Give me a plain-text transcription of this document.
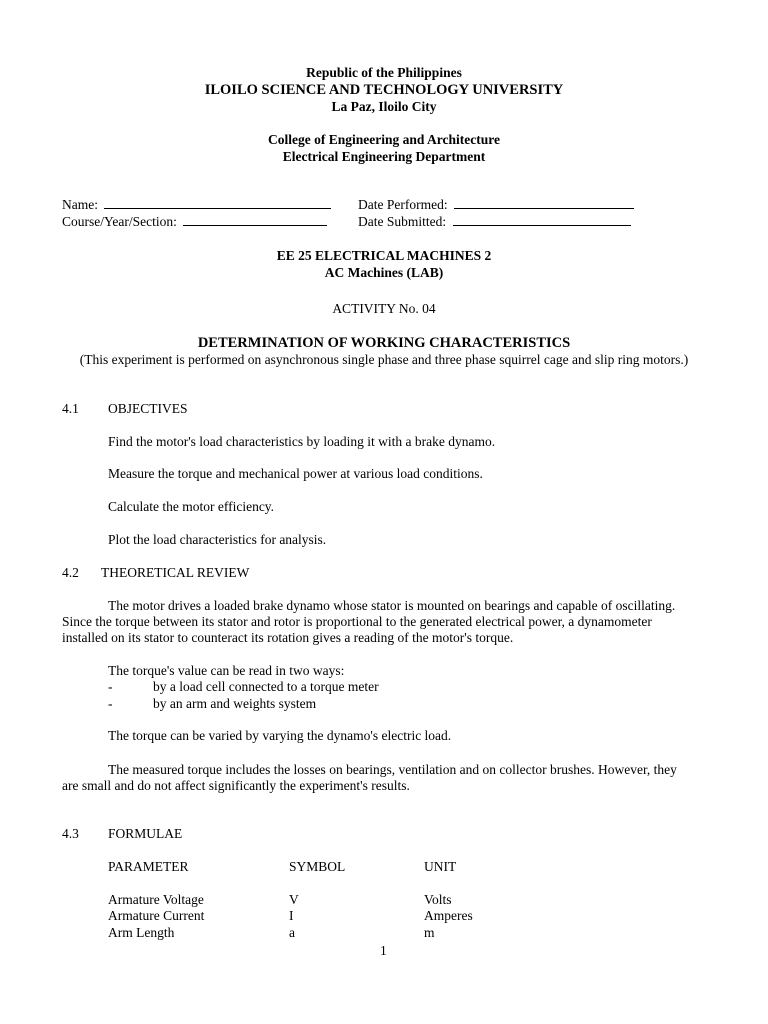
Republic of the Philippines
ILOILO SCIENCE AND TECHNOLOGY UNIVERSITY
La Paz, Iloilo City
College of Engineering and Architecture
Electrical Engineering Department
Name:
Course/Year/Section:
Date Performed:
Date Submitted:
EE 25 ELECTRICAL MACHINES 2
AC Machines (LAB)
ACTIVITY No. 04
DETERMINATION OF WORKING CHARACTERISTICS
(This experiment is performed on asynchronous single phase and three phase squirrel cage and slip ring motors.)
4.1 OBJECTIVES
Find the motor's load characteristics by loading it with a brake dynamo.
Measure the torque and mechanical power at various load conditions.
Calculate the motor efficiency.
Plot the load characteristics for analysis.
4.2 THEORETICAL REVIEW
The motor drives a loaded brake dynamo whose stator is mounted on bearings and capable of oscillating.
Since the torque between its stator and rotor is proportional to the generated electrical power, a dynamometer
installed on its stator to counteract its rotation gives a reading of the motor's torque.
The torque's value can be read in two ways:
-	by a load cell connected to a torque meter
-	by an arm and weights system
The torque can be varied by varying the dynamo's electric load.
The measured torque includes the losses on bearings, ventilation and on collector brushes. However, they
are small and do not affect significantly the experiment's results.
4.3 FORMULAE
PARAMETER	SYMBOL	UNIT
Armature Voltage	V	Volts
Armature Current	I	Amperes
Arm Length	a	m
1
